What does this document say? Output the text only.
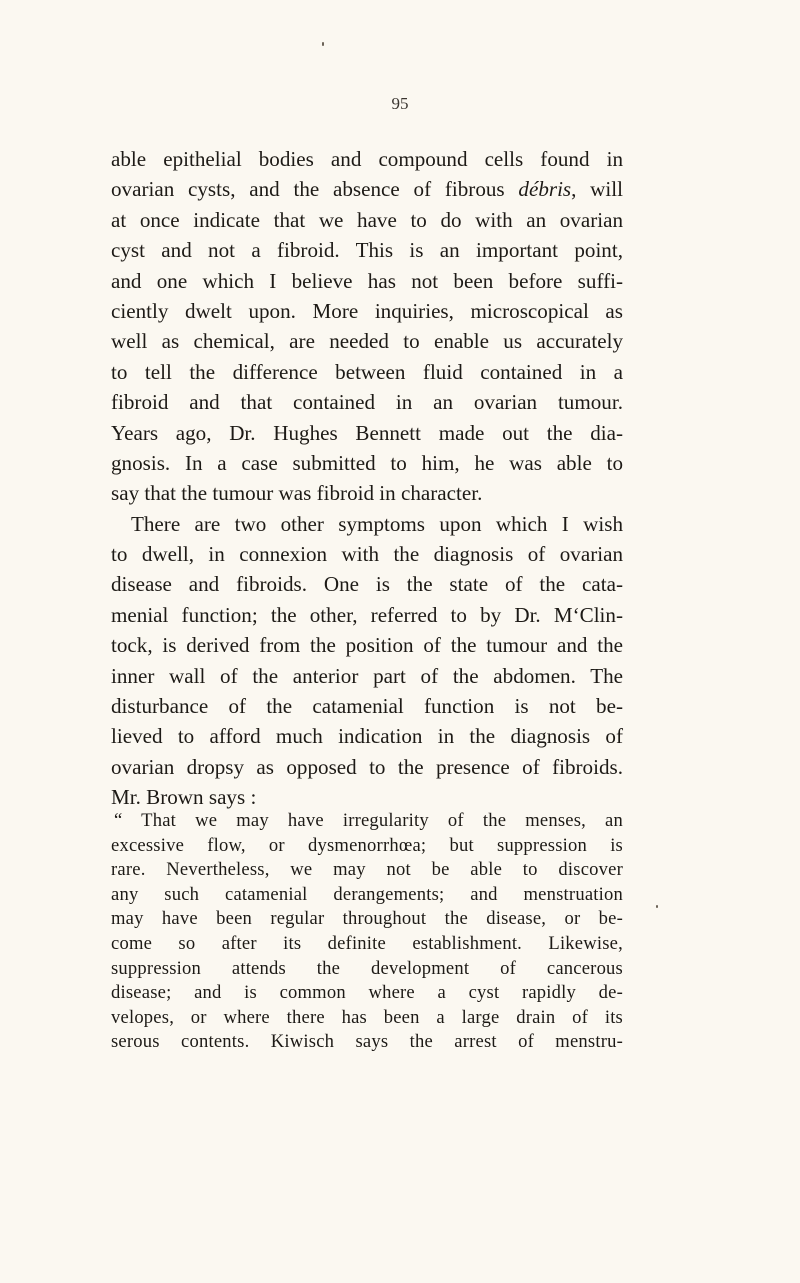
95
able epithelial bodies and compound cells found in
ovarian cysts, and the absence of fibrous débris, will
at once indicate that we have to do with an ovarian
cyst and not a fibroid. This is an important point,
and one which I believe has not been before suffi-
ciently dwelt upon. More inquiries, microscopical as
well as chemical, are needed to enable us accurately
to tell the difference between fluid contained in a
fibroid and that contained in an ovarian tumour.
Years ago, Dr. Hughes Bennett made out the dia-
gnosis. In a case submitted to him, he was able to
say that the tumour was fibroid in character.
There are two other symptoms upon which I wish
to dwell, in connexion with the diagnosis of ovarian
disease and fibroids. One is the state of the cata-
menial function; the other, referred to by Dr. M‘Clin-
tock, is derived from the position of the tumour and the
inner wall of the anterior part of the abdomen. The
disturbance of the catamenial function is not be-
lieved to afford much indication in the diagnosis of
ovarian dropsy as opposed to the presence of fibroids.
Mr. Brown says :
“ That we may have irregularity of the menses, an
excessive flow, or dysmenorrhœa; but suppression is
rare. Nevertheless, we may not be able to discover
any such catamenial derangements; and menstruation
may have been regular throughout the disease, or be-
come so after its definite establishment. Likewise,
suppression attends the development of cancerous
disease; and is common where a cyst rapidly de-
velopes, or where there has been a large drain of its
serous contents. Kiwisch says the arrest of menstru-
